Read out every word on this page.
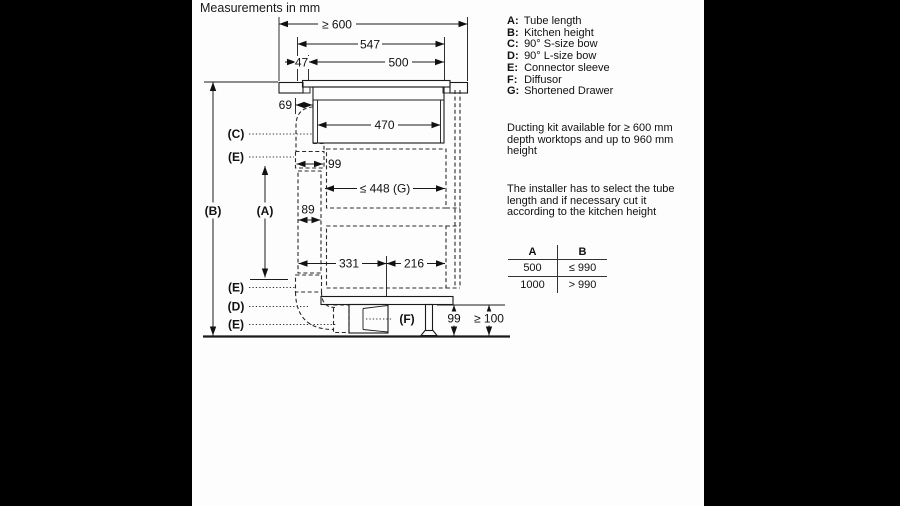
Measurements in mm
≥ 600
547
47	500
69
470
99
89
≤ 448 (G)
331	216
(B)	(A)
(C)
(E)
(E)
(D)
(E)	(F)	99 ≥ 100
A: Tube length
B: Kitchen height
C: 90° S-size bow
D: 90° L-size bow
E: Connector sleeve
F: Diffusor
G: Shortened Drawer
Ducting kit available for ≥ 600 mm depth worktops and up to 960 mm height
The installer has to select the tube length and if necessary cut it according to the kitchen height
A	B
500	≤ 990
1000	> 990
